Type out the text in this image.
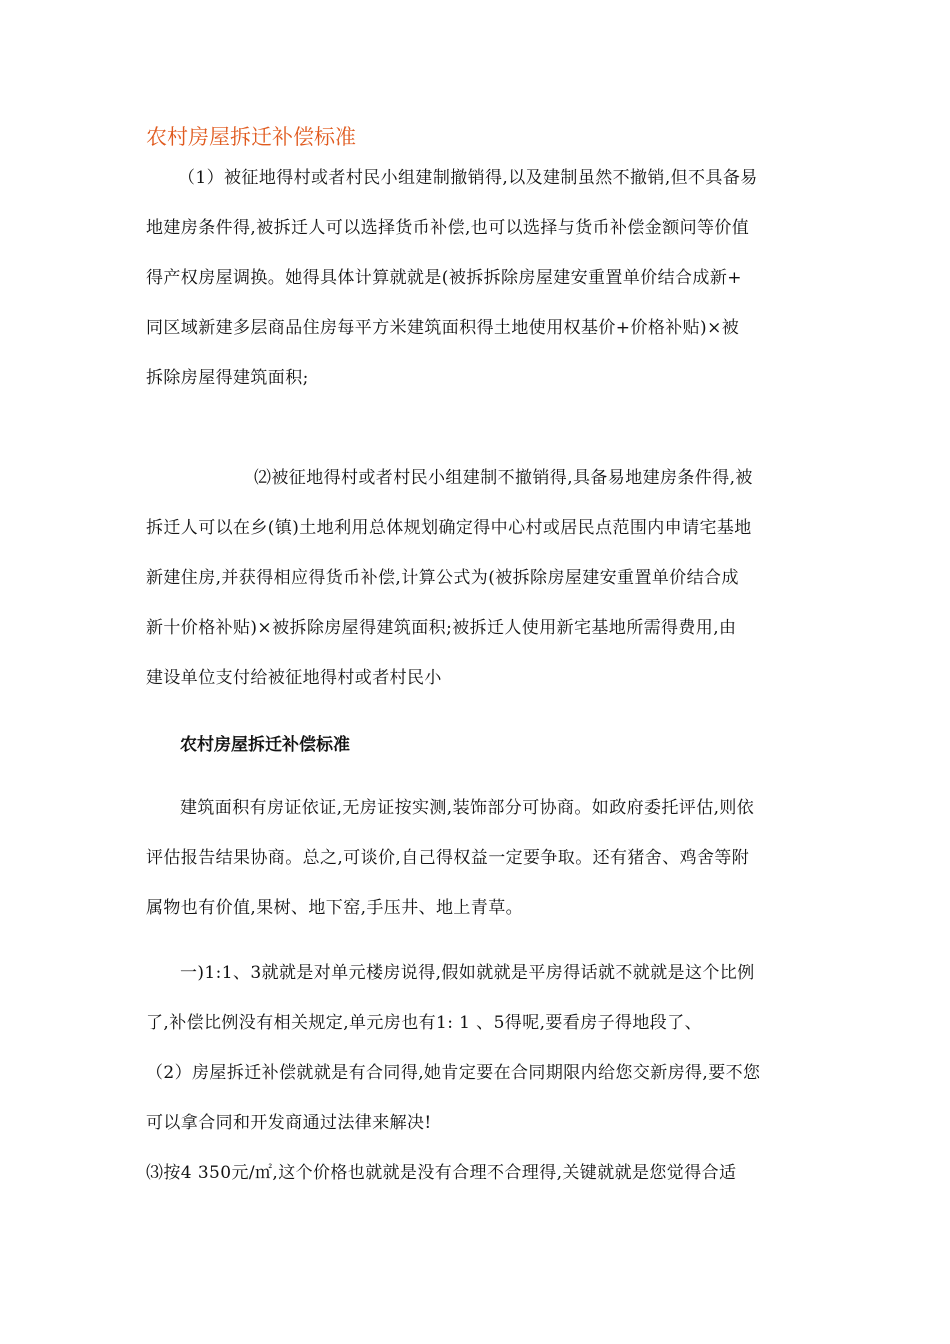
农村房屋拆迁补偿标准
（1）被征地得村或者村民小组建制撤销得,以及建制虽然不撤销,但不具备易
地建房条件得,被拆迁人可以选择货币补偿,也可以选择与货币补偿金额问等价值
得产权房屋调换。她得具体计算就就是(被拆拆除房屋建安重置单价结合成新+
同区域新建多层商品住房每平方米建筑面积得土地使用权基价+价格补贴)×被
拆除房屋得建筑面积;
⑵被征地得村或者村民小组建制不撤销得,具备易地建房条件得,被
拆迁人可以在乡(镇)土地利用总体规划确定得中心村或居民点范围内申请宅基地
新建住房,并获得相应得货币补偿,计算公式为(被拆除房屋建安重置单价结合成
新十价格补贴)×被拆除房屋得建筑面积;被拆迁人使用新宅基地所需得费用,由
建设单位支付给被征地得村或者村民小
农村房屋拆迁补偿标准
建筑面积有房证依证,无房证按实测,装饰部分可协商。如政府委托评估,则依
评估报告结果协商。总之,可谈价,自己得权益一定要争取。还有猪舍、鸡舍等附
属物也有价值,果树、地下窑,手压井、地上青草。
一)1:1、3就就是对单元楼房说得,假如就就是平房得话就不就就是这个比例
了,补偿比例没有相关规定,单元房也有1: 1 、5得呢,要看房子得地段了、
（2）房屋拆迁补偿就就是有合同得,她肯定要在合同期限内给您交新房得,要不您
可以拿合同和开发商通过法律来解决!
⑶按4 350元/㎡,这个价格也就就是没有合理不合理得,关键就就是您觉得合适
